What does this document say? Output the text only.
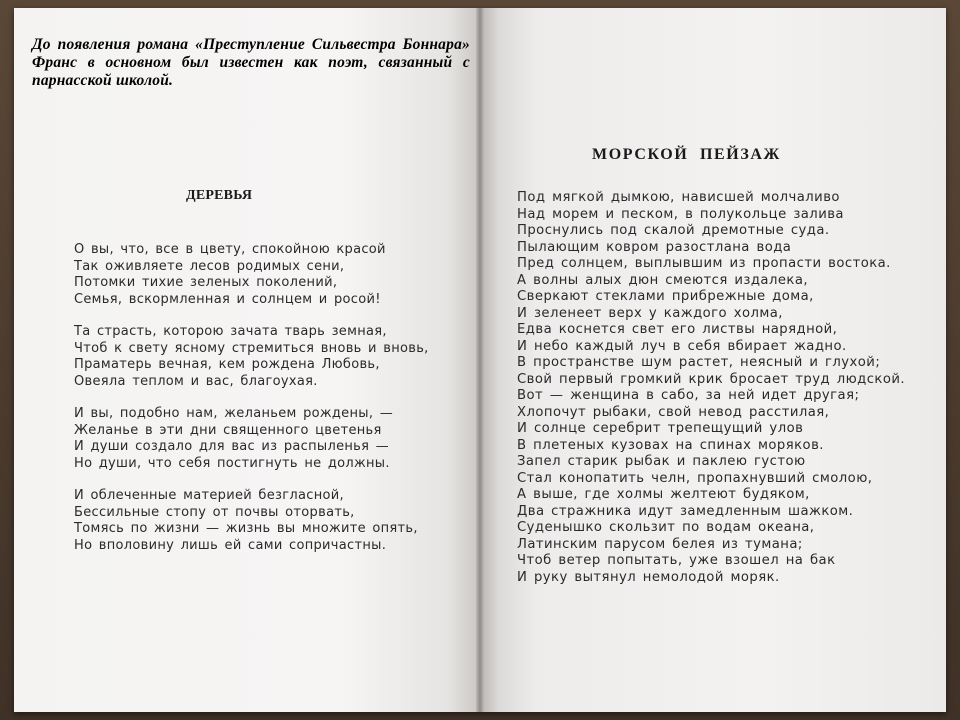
До появления романа «Преступление Сильвестра Боннара» Франс в основном был известен как поэт, связанный с парнасской школой.
ДЕРЕВЬЯ
О вы, что, все в цвету, спокойною красой
Так оживляете лесов родимых сени,
Потомки тихие зеленых поколений,
Семья, вскормленная и солнцем и росой!
Та страсть, которою зачата тварь земная,
Чтоб к свету ясному стремиться вновь и вновь,
Праматерь вечная, кем рождена Любовь,
Овеяла теплом и вас, благоухая.
И вы, подобно нам, желаньем рождены, —
Желанье в эти дни священного цветенья
И души создало для вас из распыленья —
Но души, что себя постигнуть не должны.
И облеченные материей безгласной,
Бессильные стопу от почвы оторвать,
Томясь по жизни — жизнь вы множите опять,
Но вполовину лишь ей сами сопричастны.
МОРСКОЙ ПЕЙЗАЖ
Под мягкой дымкою, нависшей молчаливо
Над морем и песком, в полукольце залива
Проснулись под скалой дремотные суда.
Пылающим ковром разостлана вода
Пред солнцем, выплывшим из пропасти востока.
А волны алых дюн смеются издалека,
Сверкают стеклами прибрежные дома,
И зеленеет верх у каждого холма,
Едва коснется свет его листвы нарядной,
И небо каждый луч в себя вбирает жадно.
В пространстве шум растет, неясный и глухой;
Свой первый громкий крик бросает труд людской.
Вот — женщина в сабо, за ней идет другая;
Хлопочут рыбаки, свой невод расстилая,
И солнце серебрит трепещущий улов
В плетеных кузовах на спинах моряков.
Запел старик рыбак и паклею густою
Стал конопатить челн, пропахнувший смолою,
А выше, где холмы желтеют будяком,
Два стражника идут замедленным шажком.
Суденышко скользит по водам океана,
Латинским парусом белея из тумана;
Чтоб ветер попытать, уже взошел на бак
И руку вытянул немолодой моряк.
